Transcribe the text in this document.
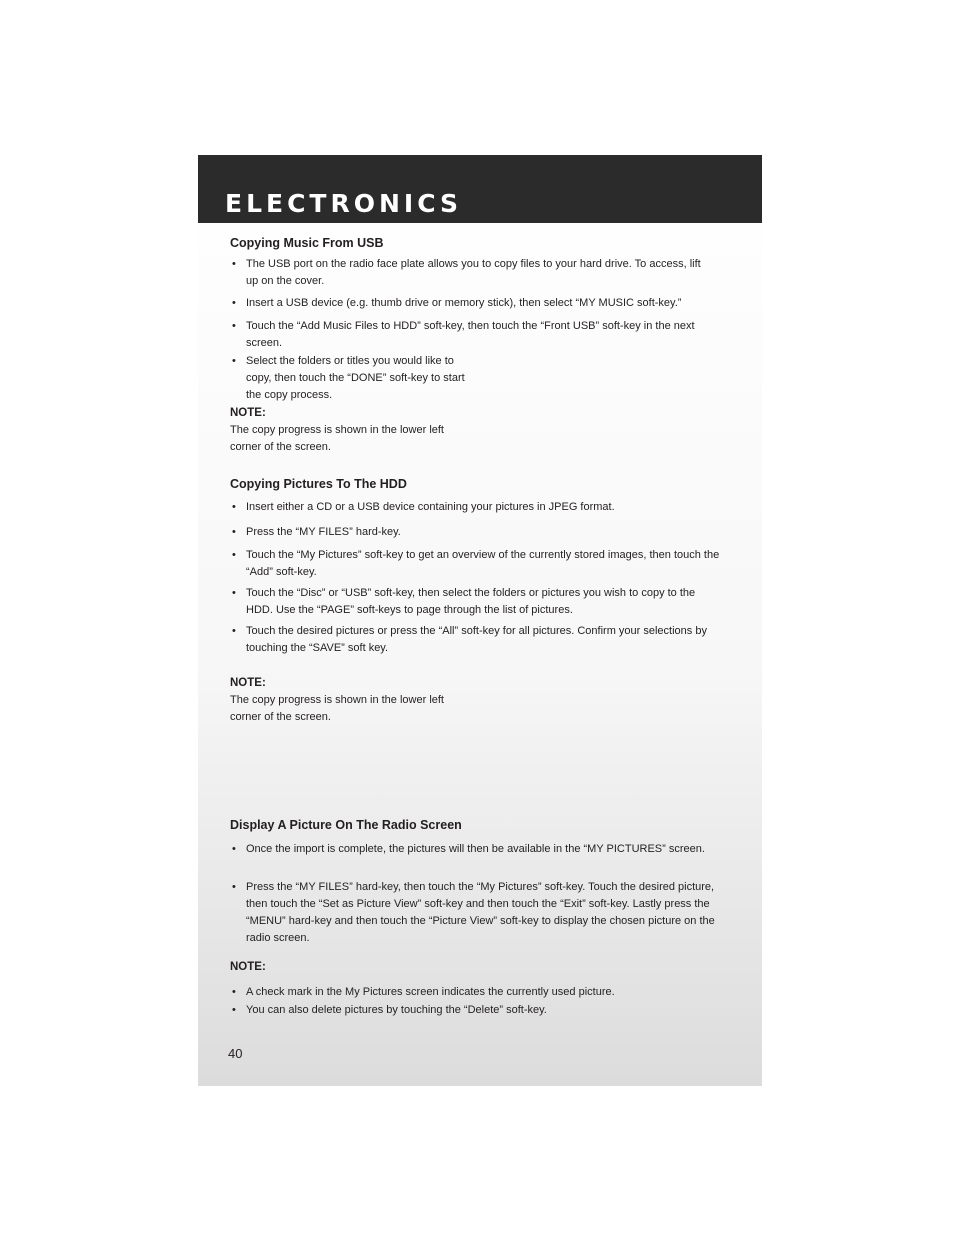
ELECTRONICS
Copying Music From USB
• The USB port on the radio face plate allows you to copy files to your hard drive. To access, lift up on the cover.
• Insert a USB device (e.g. thumb drive or memory stick), then select “MY MUSIC soft-key.”
• Touch the “Add Music Files to HDD” soft-key, then touch the “Front USB” soft-key in the next screen.
• Select the folders or titles you would like to copy, then touch the “DONE” soft-key to start the copy process.
NOTE:
The copy progress is shown in the lower left corner of the screen.
Copying Pictures To The HDD
• Insert either a CD or a USB device containing your pictures in JPEG format.
• Press the “MY FILES” hard-key.
• Touch the “My Pictures” soft-key to get an overview of the currently stored images, then touch the “Add” soft-key.
• Touch the “Disc” or “USB” soft-key, then select the folders or pictures you wish to copy to the HDD. Use the “PAGE” soft-keys to page through the list of pictures.
• Touch the desired pictures or press the “All” soft-key for all pictures. Confirm your selections by touching the “SAVE” soft key.
NOTE:
The copy progress is shown in the lower left corner of the screen.
Display A Picture On The Radio Screen
• Once the import is complete, the pictures will then be available in the “MY PICTURES” screen.
• Press the “MY FILES” hard-key, then touch the “My Pictures” soft-key. Touch the desired picture, then touch the “Set as Picture View” soft-key and then touch the “Exit” soft-key. Lastly press the “MENU” hard-key and then touch the “Picture View” soft-key to display the chosen picture on the radio screen.
NOTE:
• A check mark in the My Pictures screen indicates the currently used picture.
• You can also delete pictures by touching the “Delete” soft-key.
40
